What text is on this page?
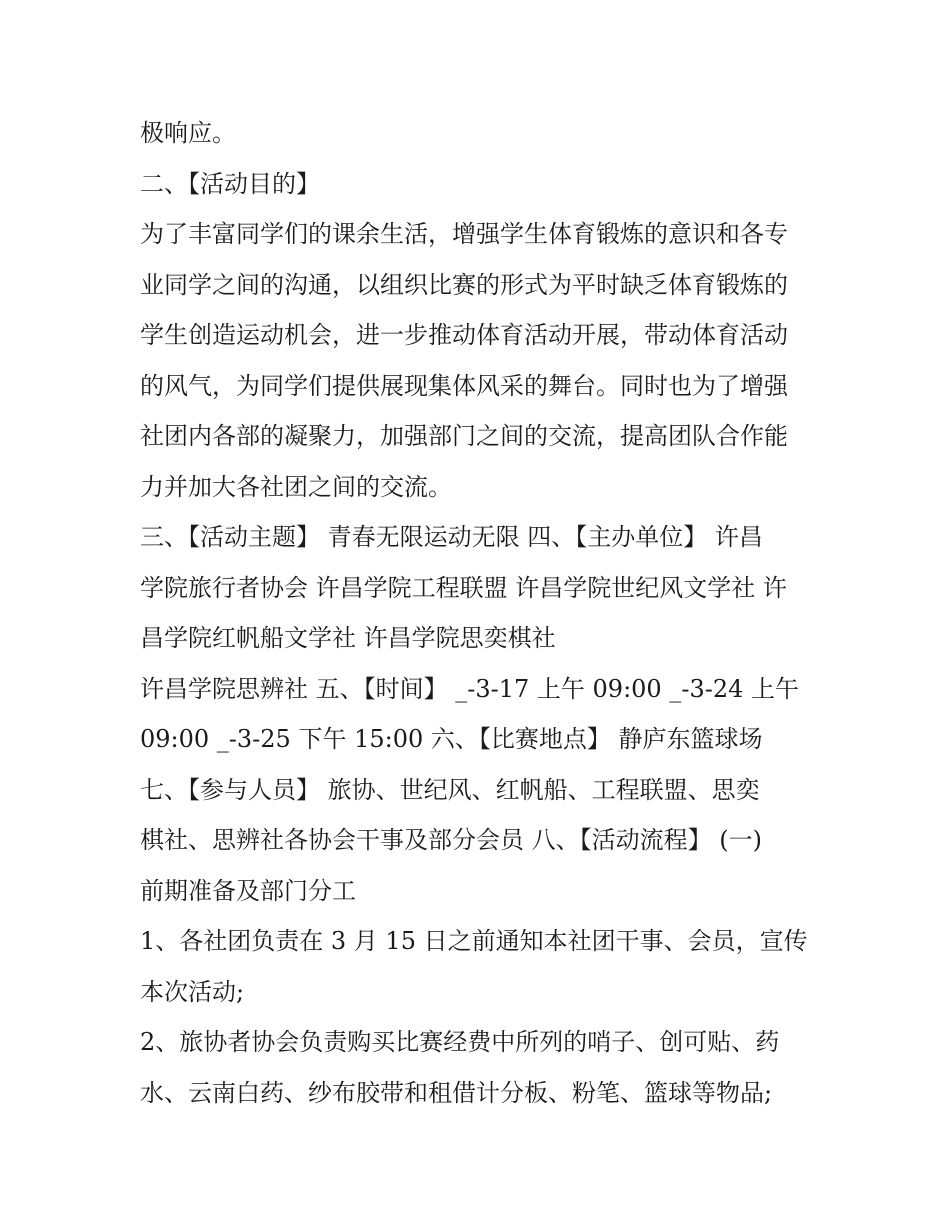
极响应。
二、【活动目的】
为了丰富同学们的课余生活，增强学生体育锻炼的意识和各专
业同学之间的沟通，以组织比赛的形式为平时缺乏体育锻炼的
学生创造运动机会，进一步推动体育活动开展，带动体育活动
的风气，为同学们提供展现集体风采的舞台。同时也为了增强
社团内各部的凝聚力，加强部门之间的交流，提高团队合作能
力并加大各社团之间的交流。
三、【活动主题】 青春无限运动无限 四、【主办单位】 许昌
学院旅行者协会 许昌学院工程联盟 许昌学院世纪风文学社 许
昌学院红帆船文学社 许昌学院思奕棋社
许昌学院思辨社 五、【时间】 _-3-17 上午 09:00 _-3-24 上午
09:00 _-3-25 下午 15:00 六、【比赛地点】 静庐东篮球场
七、【参与人员】 旅协、世纪风、红帆船、工程联盟、思奕
棋社、思辨社各协会干事及部分会员 八、【活动流程】 (一)
前期准备及部门分工
1、各社团负责在 3 月 15 日之前通知本社团干事、会员，宣传
本次活动;
2、旅协者协会负责购买比赛经费中所列的哨子、创可贴、药
水、云南白药、纱布胶带和租借计分板、粉笔、篮球等物品;
